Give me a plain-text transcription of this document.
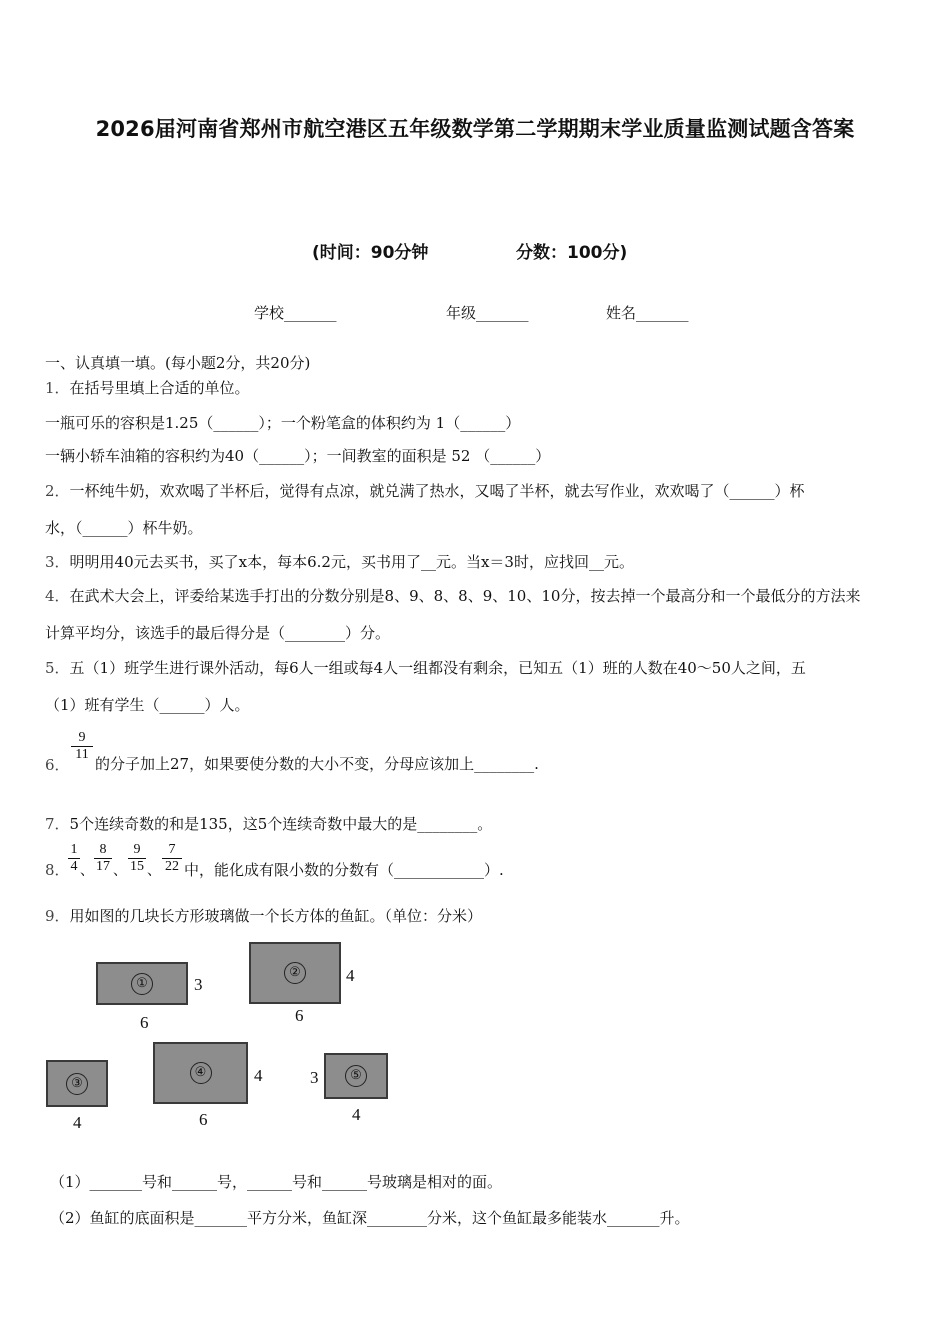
2026届河南省郑州市航空港区五年级数学第二学期期末学业质量监测试题含答案
(时间：90分钟	分数：100分)
学校_______	年级_______	姓名_______
一、认真填一填。(每小题2分，共20分)
1．在括号里填上合适的单位。
一瓶可乐的容积是1.25（______）；一个粉笔盒的体积约为 1（______）
一辆小轿车油箱的容积约为40（______）；一间教室的面积是 52 （______）
2．一杯纯牛奶，欢欢喝了半杯后，觉得有点凉，就兑满了热水，又喝了半杯，就去写作业，欢欢喝了（______）杯
水，（______）杯牛奶。
3．明明用40元去买书，买了x本，每本6.2元，买书用了__元。当x＝3时，应找回__元。
4．在武术大会上，评委给某选手打出的分数分别是8、9、8、8、9、10、10分，按去掉一个最高分和一个最低分的方法来
计算平均分，该选手的最后得分是（________）分。
5．五（1）班学生进行课外活动，每6人一组或每4人一组都没有剩余，已知五（1）班的人数在40～50人之间，五
（1）班有学生（______）人。
6．
$\frac{9}{11}$
的分子加上27，如果要使分数的大小不变，分母应该加上________.
7．5个连续奇数的和是135，这5个连续奇数中最大的是________。
8．
$\frac{1}{4}$ 、 $\frac{8}{17}$ 、 $\frac{9}{15}$ 、 $\frac{7}{22}$ 中，能化成有限小数的分数有（____________）.
9．用如图的几块长方形玻璃做一个长方体的鱼缸。（单位：分米）
①	3
6
②	4
6
③
4
④	4
6
⑤
3
4
（1）_______号和______号，______号和______号玻璃是相对的面。
（2）鱼缸的底面积是_______平方分米，鱼缸深________分米，这个鱼缸最多能装水_______升。
